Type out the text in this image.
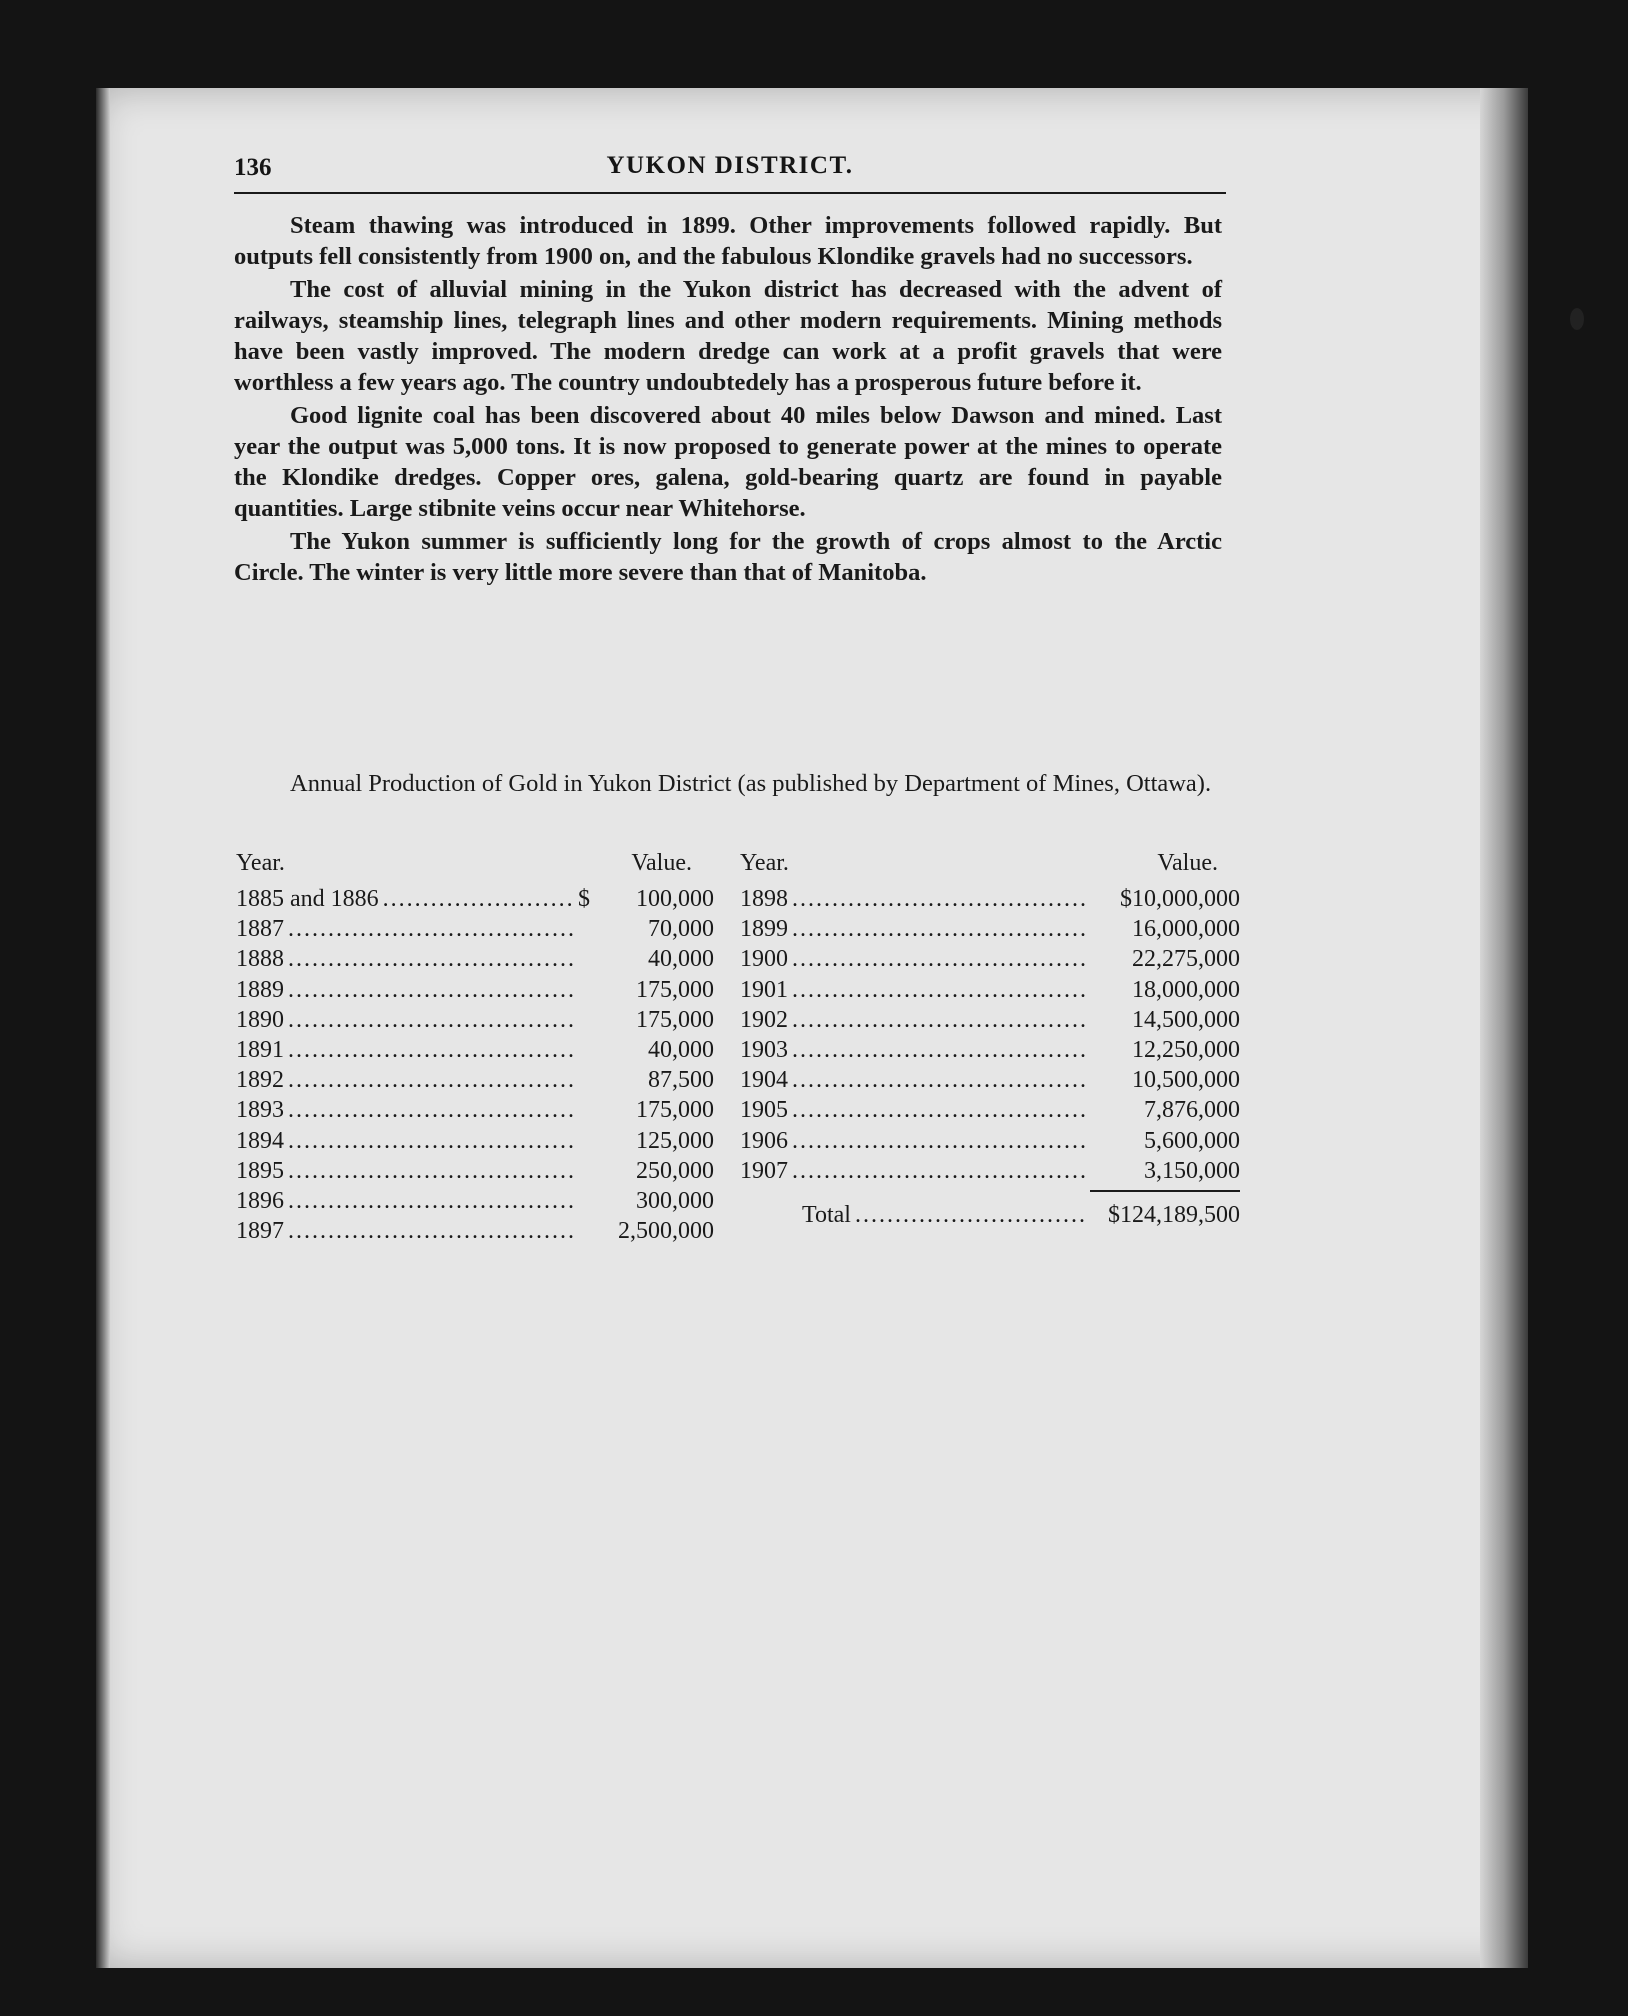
136	YUKON DISTRICT.

Steam thawing was introduced in 1899. Other improvements followed rapidly. But outputs fell consistently from 1900 on, and the fabulous Klondike gravels had no successors.

The cost of alluvial mining in the Yukon district has decreased with the advent of railways, steamship lines, telegraph lines and other modern requirements. Mining methods have been vastly improved. The modern dredge can work at a profit gravels that were worthless a few years ago. The country undoubtedely has a prosperous future before it.

Good lignite coal has been discovered about 40 miles below Dawson and mined. Last year the output was 5,000 tons. It is now proposed to generate power at the mines to operate the Klondike dredges. Copper ores, galena, gold-bearing quartz are found in payable quantities. Large stibnite veins occur near Whitehorse.

The Yukon summer is sufficiently long for the growth of crops almost to the Arctic Circle. The winter is very little more severe than that of Manitoba.

Annual Production of Gold in Yukon District (as published by Department of Mines, Ottawa).
Year.	Value.
1885 and 1886 . . .	$	100,000
1887 . . .	70,000
1888 . . .	40,000
1889 . . .	175,000
1890 . . .	175,000
1891 . . .	40,000
1892 . . .	87,500
1893 . . .	175,000
1894 . . .	125,000
1895 . . .	250,000
1896 . . .	300,000
1897 . . .	2,500,000
Year.	Value.
1898 . . .	$10,000,000
1899 . . .	16,000,000
1900 . . .	22,275,000
1901 . . .	18,000,000
1902 . . .	14,500,000
1903 . . .	12,250,000
1904 . . .	10,500,000
1905 . . .	7,876,000
1906 . . .	5,600,000
1907 . . .	3,150,000
Total . . .	$124,189,500
